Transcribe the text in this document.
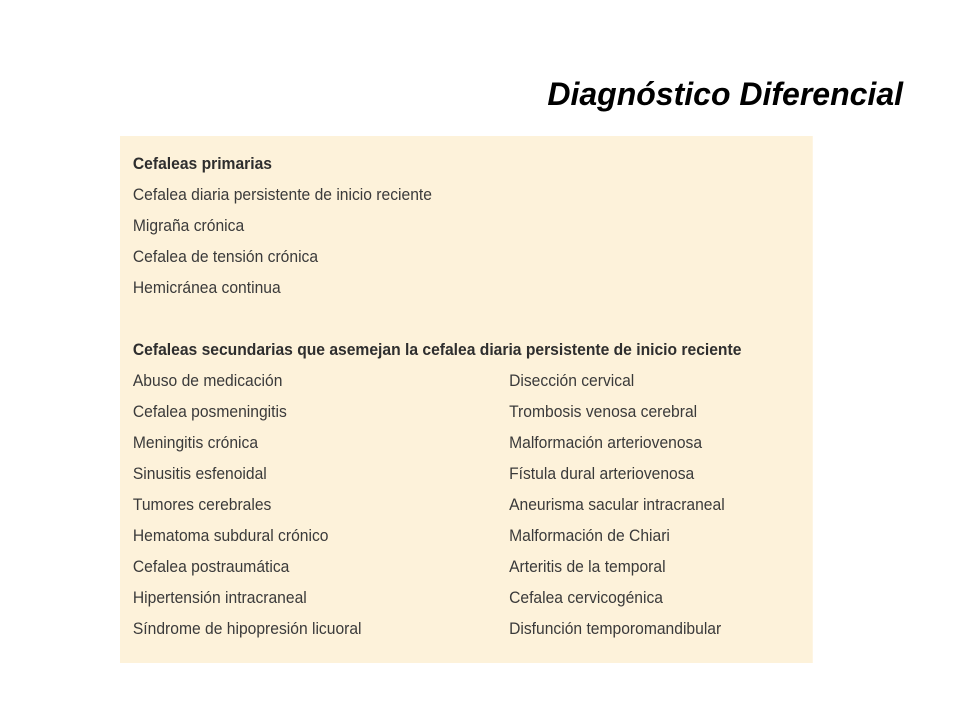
Diagnóstico Diferencial
Cefaleas primarias
Cefalea diaria persistente de inicio reciente
Migraña crónica
Cefalea de tensión crónica
Hemicránea continua
Cefaleas secundarias que asemejan la cefalea diaria persistente de inicio reciente
Abuso de medicación
Cefalea posmeningitis
Meningitis crónica
Sinusitis esfenoidal
Tumores cerebrales
Hematoma subdural crónico
Cefalea postraumática
Hipertensión intracraneal
Síndrome de hipopresión licuoral
Disección cervical
Trombosis venosa cerebral
Malformación arteriovenosa
Fístula dural arteriovenosa
Aneurisma sacular intracraneal
Malformación de Chiari
Arteritis de la temporal
Cefalea cervicogénica
Disfunción temporomandibular
